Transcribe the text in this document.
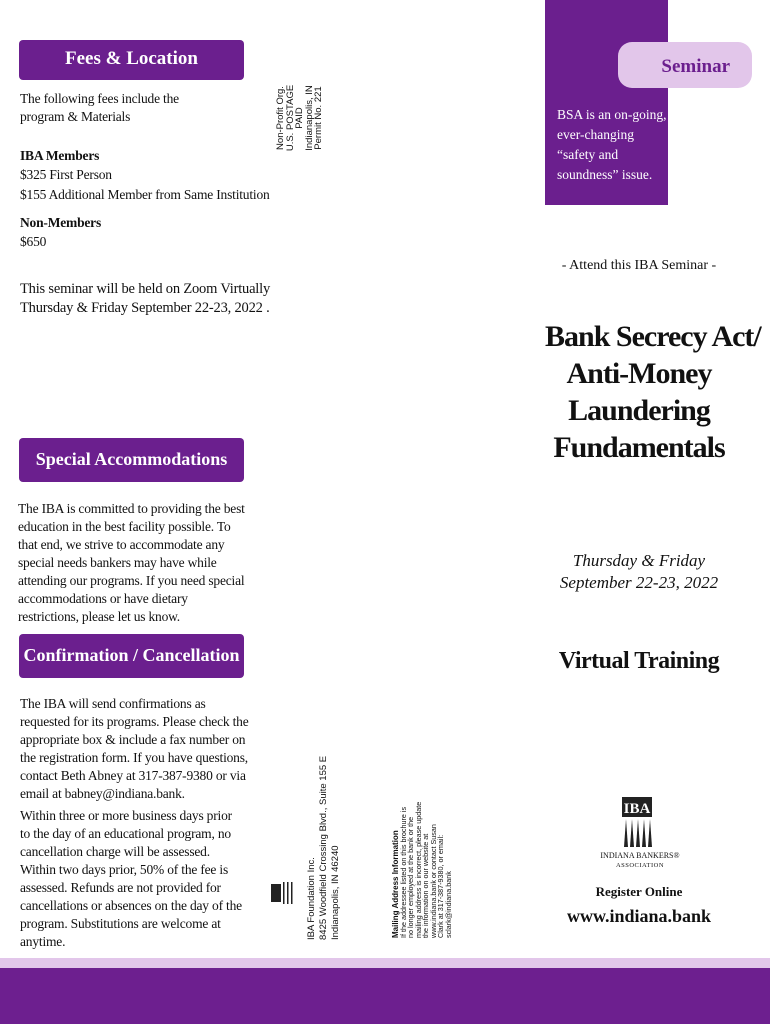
Fees & Location
The following fees include the program & Materials
IBA Members
$325 First Person
$155 Additional Member from Same Institution
Non-Members
$650
This seminar will be held on Zoom Virtually
Thursday & Friday September 22-23, 2022 .
Special Accommodations
The IBA is committed to providing the best education in the best facility possible. To that end, we strive to accommodate any special needs bankers may have while attending our programs. If you need special accommodations or have dietary restrictions, please let us know.
Confirmation / Cancellation
The IBA will send confirmations as requested for its programs. Please check the appropriate box & include a fax number on the registration form. If you have questions, contact Beth Abney at 317-387-9380 or via email at babney@indiana.bank.
Within three or more business days prior to the day of an educational program, no cancellation charge will be assessed. Within two days prior, 50% of the fee is assessed. Refunds are not provided for cancellations or absences on the day of the program. Substitutions are welcome at anytime.
Non-Profit Org.
U.S. POSTAGE
PAID
Indianapolis, IN
Permit No. 221
IBA Foundation Inc. 8425 Woodfield Crossing Blvd., Suite 155 E Indianapolis, IN 46240	Mailing Address Information
If the addressee listed on this brochure is
no longer employed at the bank or the
mailing address is incorrect, please update
the information on our website at
www.indiana.bank or contact Susan
Clark at 317-387-9380, or email:
sclark@indiana.bank
Seminar
BSA is an on-going, ever-changing “safety and soundness” issue.
- Attend this IBA Seminar -
Bank Secrecy Act/
Anti-Money
Laundering
Fundamentals
Thursday & Friday
September 22-23, 2022
Virtual Training
IBA
INDIANA BANKERS®
ASSOCIATION
Register Online
www.indiana.bank
